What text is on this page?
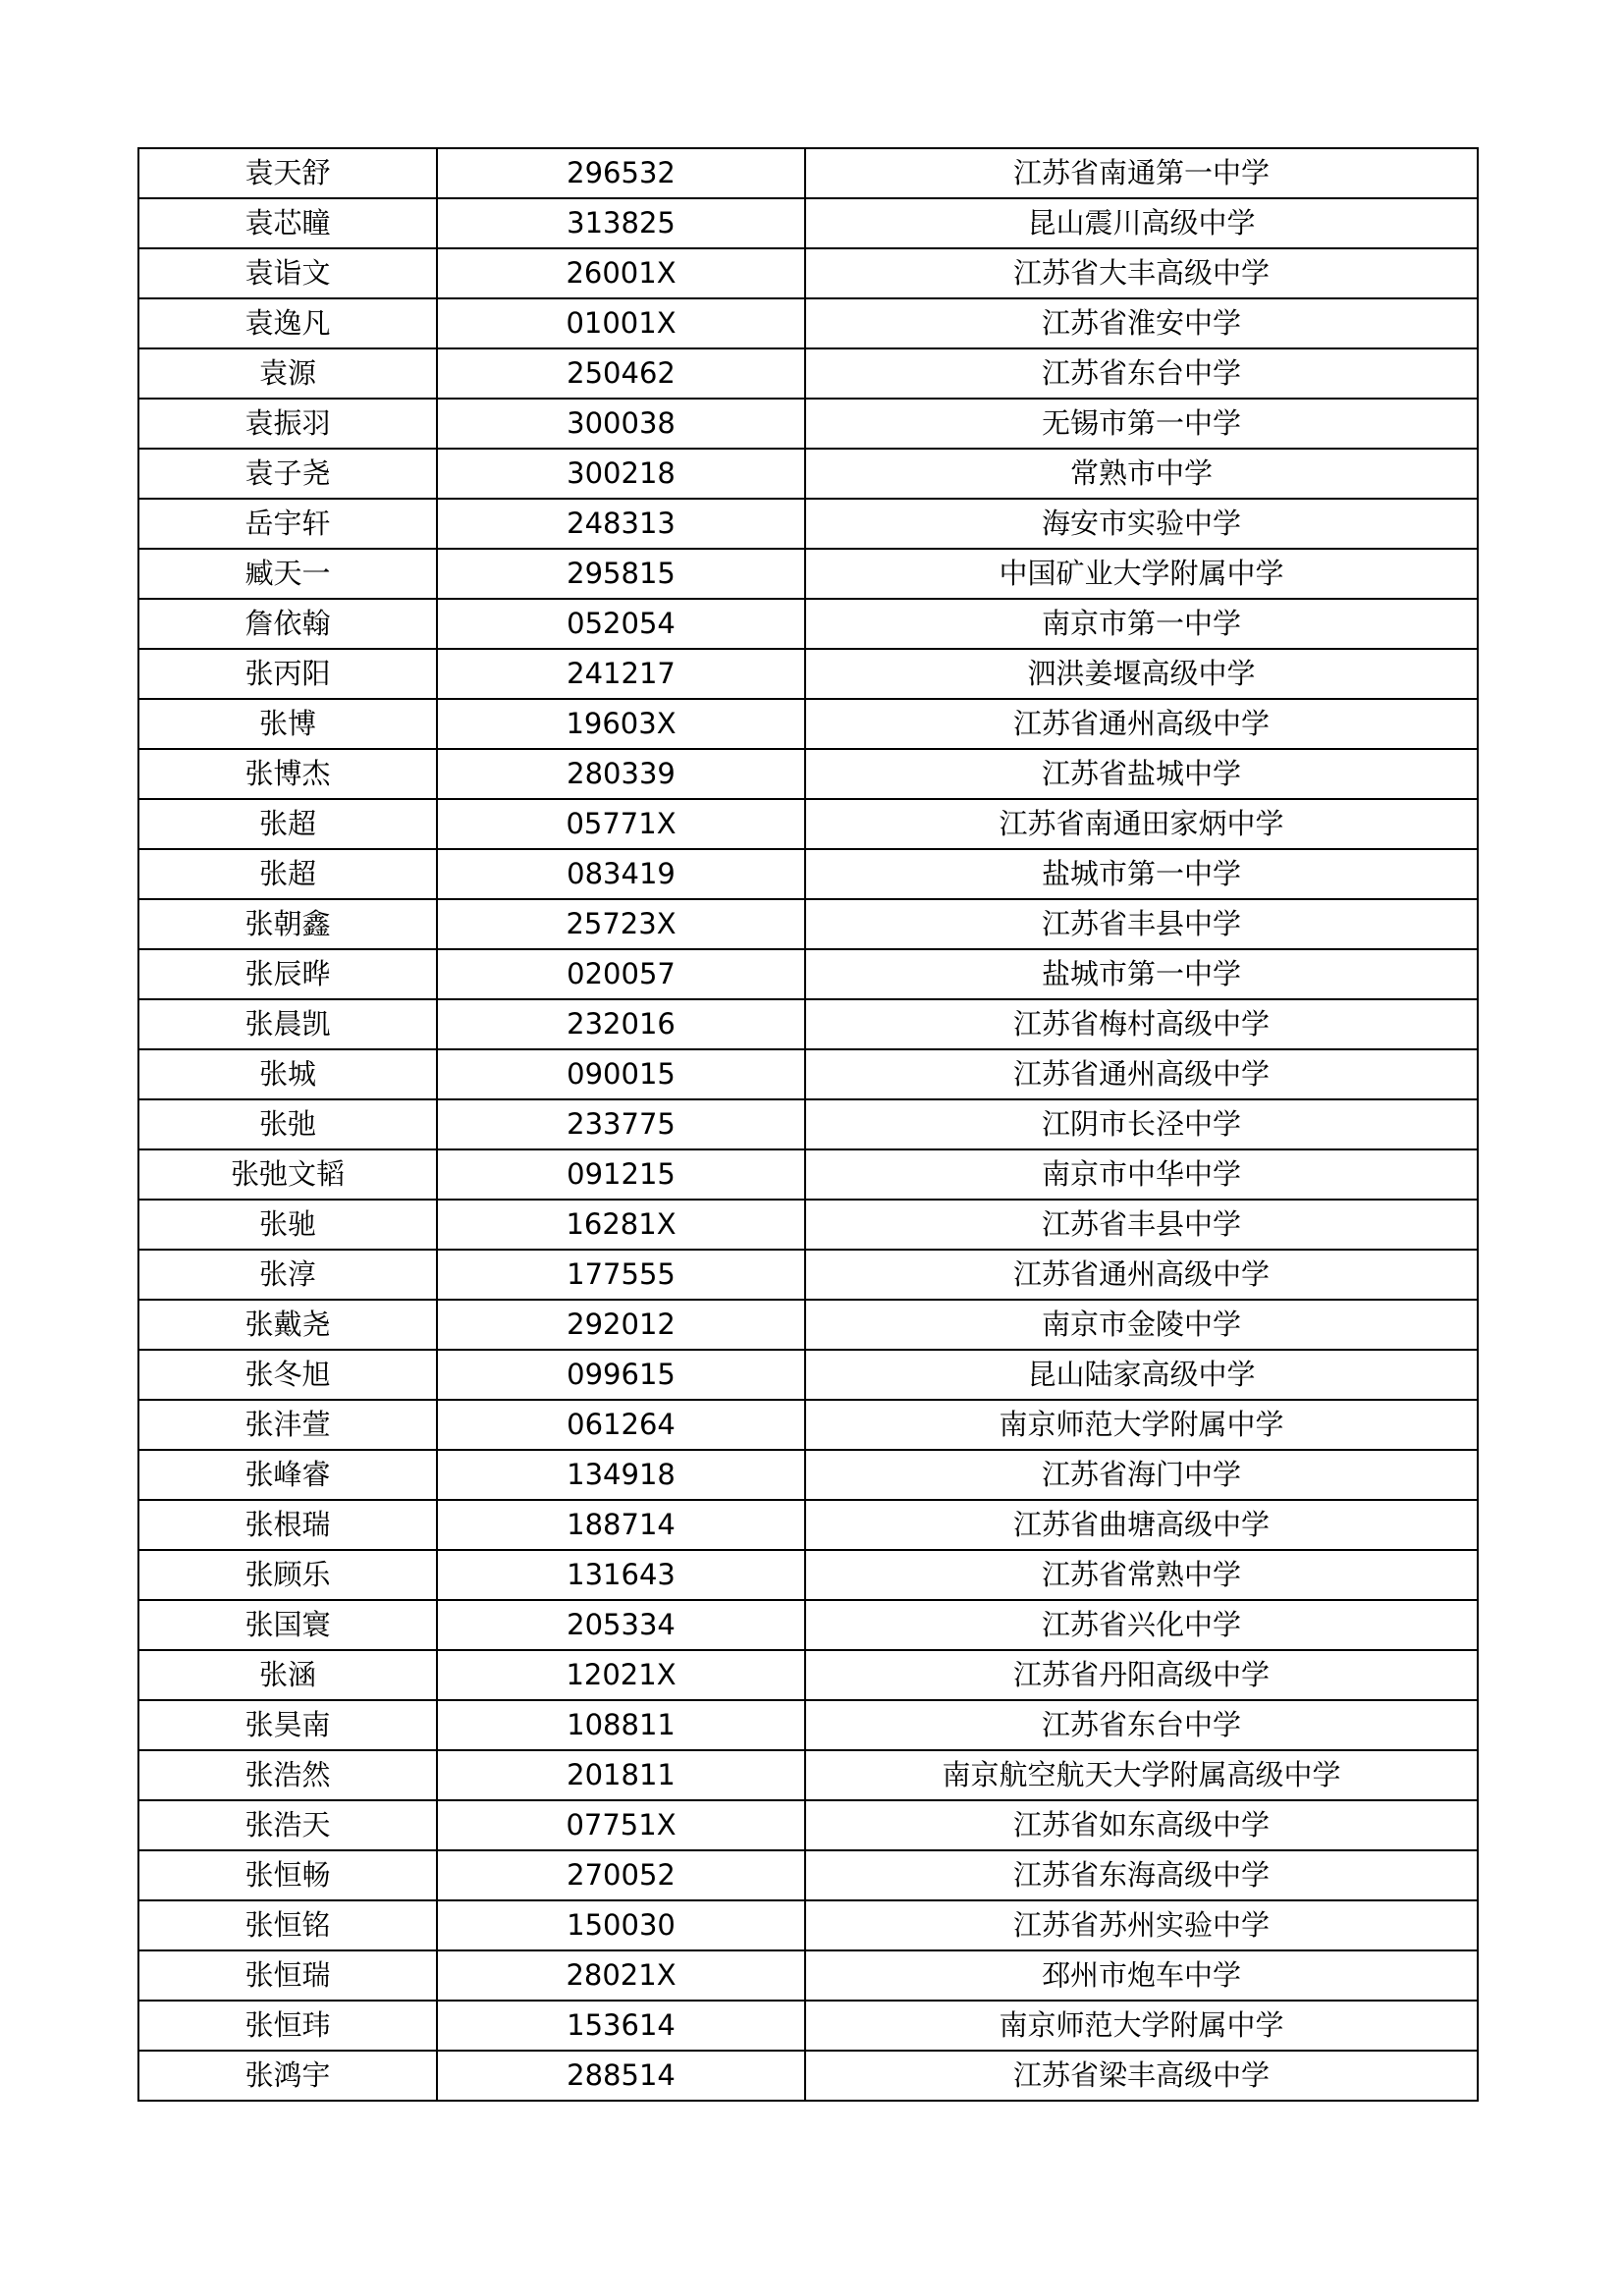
袁天舒	296532	江苏省南通第一中学
袁芯瞳	313825	昆山震川高级中学
袁诣文	26001X	江苏省大丰高级中学
袁逸凡	01001X	江苏省淮安中学
袁源	250462	江苏省东台中学
袁振羽	300038	无锡市第一中学
袁子尧	300218	常熟市中学
岳宇轩	248313	海安市实验中学
臧天一	295815	中国矿业大学附属中学
詹依翰	052054	南京市第一中学
张丙阳	241217	泗洪姜堰高级中学
张博	19603X	江苏省通州高级中学
张博杰	280339	江苏省盐城中学
张超	05771X	江苏省南通田家炳中学
张超	083419	盐城市第一中学
张朝鑫	25723X	江苏省丰县中学
张辰晔	020057	盐城市第一中学
张晨凯	232016	江苏省梅村高级中学
张城	090015	江苏省通州高级中学
张弛	233775	江阴市长泾中学
张弛文韬	091215	南京市中华中学
张驰	16281X	江苏省丰县中学
张淳	177555	江苏省通州高级中学
张戴尧	292012	南京市金陵中学
张冬旭	099615	昆山陆家高级中学
张沣萱	061264	南京师范大学附属中学
张峰睿	134918	江苏省海门中学
张根瑞	188714	江苏省曲塘高级中学
张顾乐	131643	江苏省常熟中学
张国寰	205334	江苏省兴化中学
张涵	12021X	江苏省丹阳高级中学
张昊南	108811	江苏省东台中学
张浩然	201811	南京航空航天大学附属高级中学
张浩天	07751X	江苏省如东高级中学
张恒畅	270052	江苏省东海高级中学
张恒铭	150030	江苏省苏州实验中学
张恒瑞	28021X	邳州市炮车中学
张恒玮	153614	南京师范大学附属中学
张鸿宇	288514	江苏省梁丰高级中学
